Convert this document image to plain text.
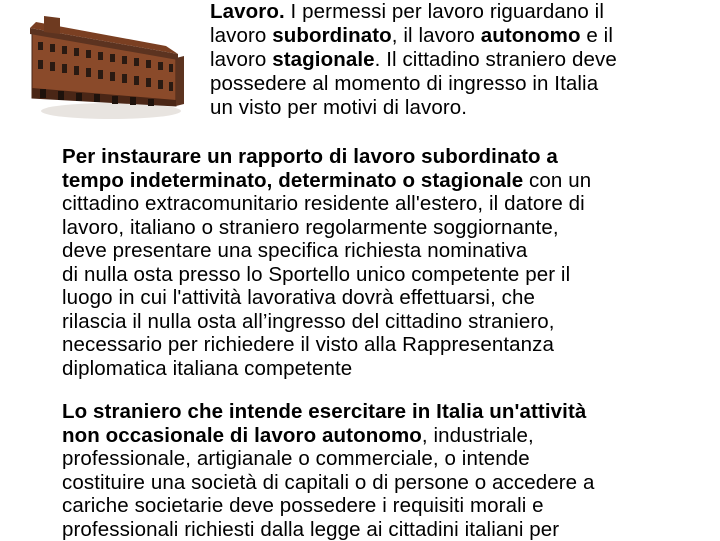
Lavoro. I permessi per lavoro riguardano il
lavoro subordinato, il lavoro autonomo e il
lavoro stagionale. Il cittadino straniero deve
possedere al momento di ingresso in Italia
un visto per motivi di lavoro.
Per instaurare un rapporto di lavoro subordinato a
tempo indeterminato, determinato o stagionale con un
cittadino extracomunitario residente all'estero, il datore di
lavoro, italiano o straniero regolarmente soggiornante,
deve presentare una specifica richiesta nominativa
di nulla osta presso lo Sportello unico competente per il
luogo in cui l'attività lavorativa dovrà effettuarsi, che
rilascia il nulla osta all’ingresso del cittadino straniero,
necessario per richiedere il visto alla Rappresentanza
diplomatica italiana competente
Lo straniero che intende esercitare in Italia un'attività
non occasionale di lavoro autonomo, industriale,
professionale, artigianale o commerciale, o intende
costituire una società di capitali o di persone o accedere a
cariche societarie deve possedere i requisiti morali e
professionali richiesti dalla legge ai cittadini italiani per
